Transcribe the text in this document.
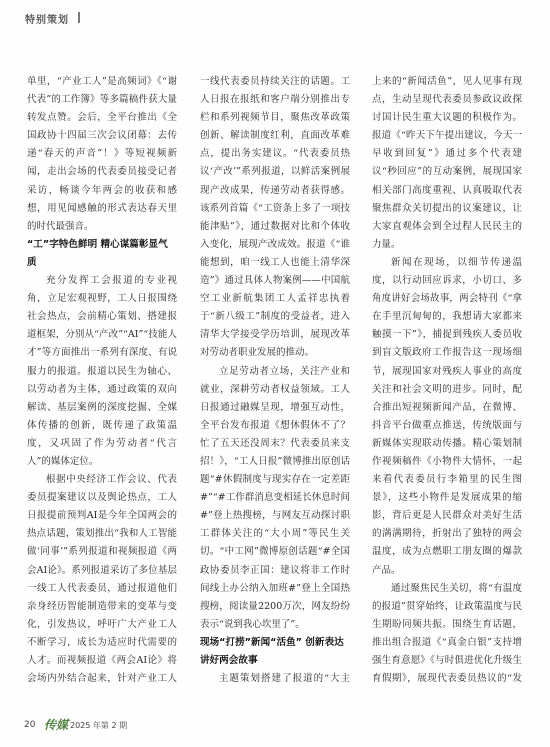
特别策划

单里，“产业工人”是高频词》《“谢代表”的工作簿》等多篇稿件获大量转发点赞。会后，全平台推出《全国政协十四届三次会议闭幕：去传递“春天的声音”！》等短视频新闻，走出会场的代表委员接受记者采访，畅谈今年两会的收获和感想，用见闻感触的形式表达春天里的时代最强音。

“工”字特色鲜明 精心谋篇彰显气质

充分发挥工会报道的专业视角，立足宏观视野，工人日报围绕社会热点，会前精心策划、搭建报道框架，分别从“产改”“AI”“技能人才”等方面推出一系列有深度、有说服力的报道。报道以民生为轴心、以劳动者为主体，通过政策的双向解读、基层案例的深度挖掘、全媒体传播的创新，既传递了政策温度，又巩固了作为劳动者“代言人”的媒体定位。

根据中央经济工作会议、代表委员提案建议以及舆论热点，工人日报提前预判AI是今年全国两会的热点话题，策划推出“我和人工智能做‘同事’”系列报道和视频报道《两会AI论》。系列报道采访了多位基层一线工人代表委员，通过报道他们亲身经历智能制造带来的变革与变化，引发热议，呼吁广大产业工人不断学习，成长为适应时代需要的人才。而视频报道《两会AI论》将会场内外结合起来，针对产业工人

一线代表委员持续关注的话题。工人日报在报纸和客户端分别推出专栏和系列视频节目，聚焦改革政策创新、解读制度红利，直面改革难点，提出务实建议。“代表委员热议‘产改’”系列报道，以鲜活案例展现产改成果，传递劳动者获得感。该系列首篇《“工资条上多了一项技能津贴”》，通过数据对比和个体收入变化，展现产改成效。报道《“谁能想到，咱一线工人也能上清华深造”》通过具体人物案例——中国航空工业新航集团工人孟祥忠执着于“新八级工”制度的受益者，进入清华大学接受学历培训，展现改革对劳动者职业发展的推动。

立足劳动者立场，关注产业和就业，深耕劳动者权益领域。工人日报通过融媒呈现，增强互动性，全平台发布报道《想休假休不了？忙了五天还没周末？代表委员来支招！》，“工人日报”微博推出原创话题“#休假制度与现实存在一定差距#”“#工作群消息变相延长休息时间#”登上热搜榜，与网友互动探讨职工群体关注的“大小周”等民生关切。“中工网”微博原创话题“#全国政协委员李正国：建议将非工作时间线上办公纳入加班#”登上全国热搜榜，阅读量2200万次，网友纷纷表示“说到我心坎里了”。

现场“打捞”新闻“活鱼” 创新表达讲好两会故事

主题策划搭建了报道的“大主

上来的“新闻活鱼”，见人见事有现点，生动呈现代表委员参政议政探讨国计民生重大议题的积极作为。报道《“昨天下午提出建议，今天一早收到回复”》通过多个代表建议“秒回应”的互动案例，展现国家相关部门高度重视、认真吸取代表聚焦群众关切提出的议案建议，让大家直观体会到全过程人民民主的力量。

新闻在现场，以细节传递温度，以行动回应诉求，小切口、多角度讲好会场故事，两会特刊《“拿在手里沉甸甸的，我想请大家都来触摸一下”》，捕捉到残疾人委员收到盲文版政府工作报告这一现场细节，展现国家对残疾人事业的高度关注和社会文明的进步。同时，配合推出短视频新闻产品，在微博、抖音平台做重点推送，传统版面与新媒体实现联动传播。精心策划制作视频稿件《小物件大情怀，一起来看代表委员行李箱里的民生图景》，这些小物件是发展成果的缩影，背后更是人民群众对美好生活的满满期待，折射出了独特的两会温度，成为点燃职工朋友圈的爆款产品。

通过聚焦民生关切，将“有温度的报道”贯穿始终，让政策温度与民生期盼同频共振。围绕生育话题，推出组合报道《“真金白银”支持增强生育意愿》《与时俱进优化升级生育假期》，展现代表委员热议的“发

20 传媒 2025 年第 2 期
